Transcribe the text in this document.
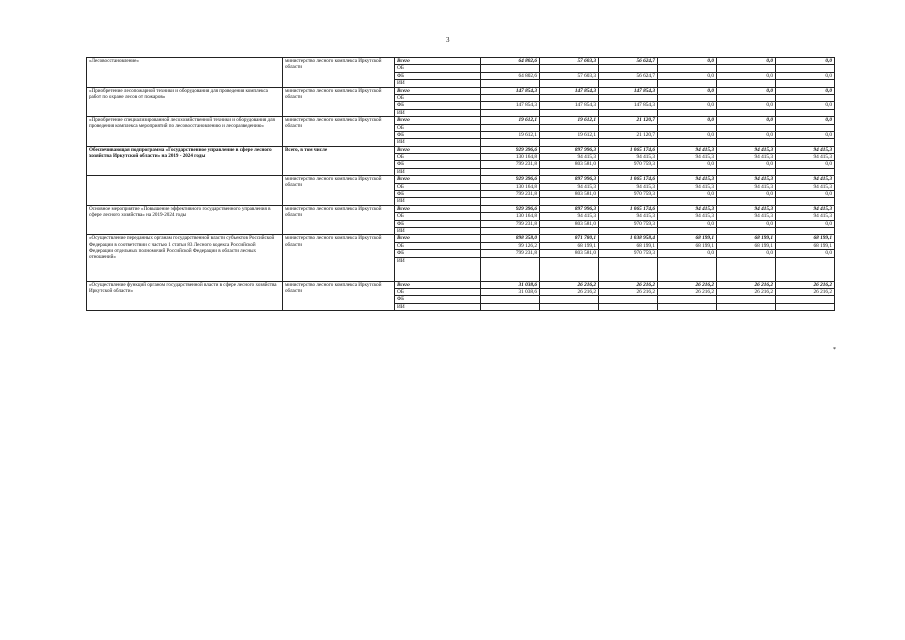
3
*
«Лесовосстановление»	министерство лесного комплекса Иркутской области	Всего	64 802,6	57 603,3	56 624,7	0,0	0,0	0,0
		ОБ						
		ФБ	64 802,6	57 603,3	56 624,7	0,0	0,0	0,0
		ИИ						
«Приобретение лесопожарной техники и оборудования для проведения комплекса работ по охране лесов от пожаров»	министерство лесного комплекса Иркутской области	Всего	147 854,3	147 854,3	147 854,3	0,0	0,0	0,0
		ОБ						
		ФБ	147 854,3	147 854,3	147 854,3	0,0	0,0	0,0
		ИИ						
«Приобретение специализированной лесохозяйственной техники и оборудования для проведения комплекса мероприятий по лесовосстановлению и лесоразведению»	министерство лесного комплекса Иркутской области	Всего	19 612,1	19 612,1	21 120,7	0,0	0,0	0,0
		ОБ						
		ФБ	19 612,1	19 612,1	21 120,7	0,0	0,0	0,0
		ИИ						
Обеспечивающая подпрограмма «Государственное управление в сфере лесного хозяйства Иркутской области» на 2019 - 2024 годы	Всего, в том числе	Всего	929 396,6	897 996,3	1 065 174,6	94 415,3	94 415,3	94 415,3
		ОБ	130 164,8	94 415,3	94 415,3	94 415,3	94 415,3	94 415,3
		ФБ	799 231,8	803 581,0	970 759,3	0,0	0,0	0,0
		ИИ						
	министерство лесного комплекса Иркутской области	Всего	929 396,6	897 996,3	1 065 174,6	94 415,3	94 415,3	94 415,3
		ОБ	130 164,8	94 415,3	94 415,3	94 415,3	94 415,3	94 415,3
		ФБ	799 231,8	803 581,0	970 759,3	0,0	0,0	0,0
		ИИ						
Основное мероприятие «Повышение эффективного государственного управления в сфере лесного хозяйства» на 2019-2024 годы	министерство лесного комплекса Иркутской области	Всего	929 396,6	897 996,3	1 065 174,6	94 415,3	94 415,3	94 415,3
		ОБ	130 164,8	94 415,3	94 415,3	94 415,3	94 415,3	94 415,3
		ФБ	799 231,8	803 581,0	970 759,3	0,0	0,0	0,0
		ИИ						
«Осуществление переданных органам государственной власти субъектов Российской Федерации в соответствии с частью 1 статьи 83 Лесного кодекса Российской Федерации отдельных полномочий Российской Федерации в области лесных отношений»	министерство лесного комплекса Иркутской области	Всего	898 358,0	871 780,1	1 038 958,4	68 199,1	68 199,1	68 199,1
		ОБ	99 126,2	68 199,1	68 199,1	68 199,1	68 199,1	68 199,1
		ФБ	799 231,8	803 581,0	970 759,3	0,0	0,0	0,0
		ИИ						
«Осуществление функций органом государственной власти в сфере лесного хозяйства Иркутской области»	министерство лесного комплекса Иркутской области	Всего	31 038,6	26 216,2	26 216,2	26 216,2	26 216,2	26 216,2
		ОБ	31 038,6	26 216,2	26 216,2	26 216,2	26 216,2	26 216,2
		ФБ						
		ИИ						
